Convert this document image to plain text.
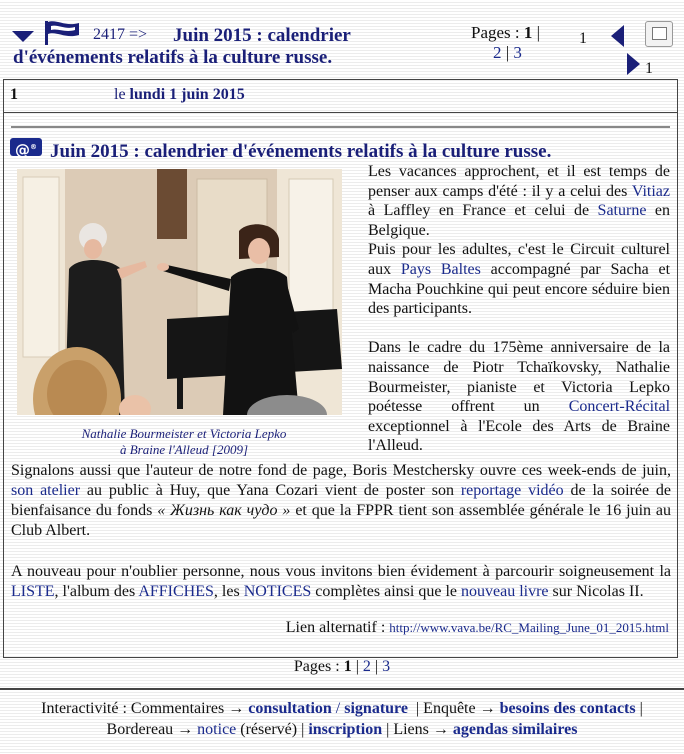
Juin 2015 : calendrier d'événements relatifs à la culture russe.
2417 =>	Pages : 1 |
2 | 3
1
1
1	le lundi 1 juin 2015
@® Juin 2015 : calendrier d'événements relatifs à la culture russe.
Nathalie Bourmeister et Victoria Lepko
à Braine l'Alleud [2009]

Les vacances approchent, et il est temps de penser aux camps d'été : il y a celui des Vitiaz à Laffley en France et celui de Saturne en Belgique.

Puis pour les adultes, c'est le Circuit culturel aux Pays Baltes accompagné par Sacha et Macha Pouchkine qui peut encore séduire bien des participants.

Dans le cadre du 175ème anniversaire de la naissance de Piotr Tchaïkovsky, Nathalie Bourmeister, pianiste et Victoria Lepko poétesse offrent un Concert-Récital exceptionnel à l'Ecole des Arts de Braine l'Alleud.

Signalons aussi que l'auteur de notre fond de page, Boris Mestchersky ouvre ces week-ends de juin, son atelier au public à Huy, que Yana Cozari vient de poster son reportage vidéo de la soirée de bienfaisance du fonds « Жизнь как чудо » et que la FPPR tient son assemblée générale le 16 juin au Club Albert.
A nouveau pour n'oublier personne, nous vous invitons bien évidement à parcourir soigneusement la LISTE, l'album des AFFICHES, les NOTICES complètes ainsi que le nouveau livre sur Nicolas II.
Lien alternatif : http://www.vava.be/RC_Mailing_June_01_2015.html
Pages : 1 | 2 | 3
Interactivité : Commentaires → consultation / signature | Enquête → besoins des contacts |
Bordereau → notice (réservé) | inscription | Liens → agendas similaires
